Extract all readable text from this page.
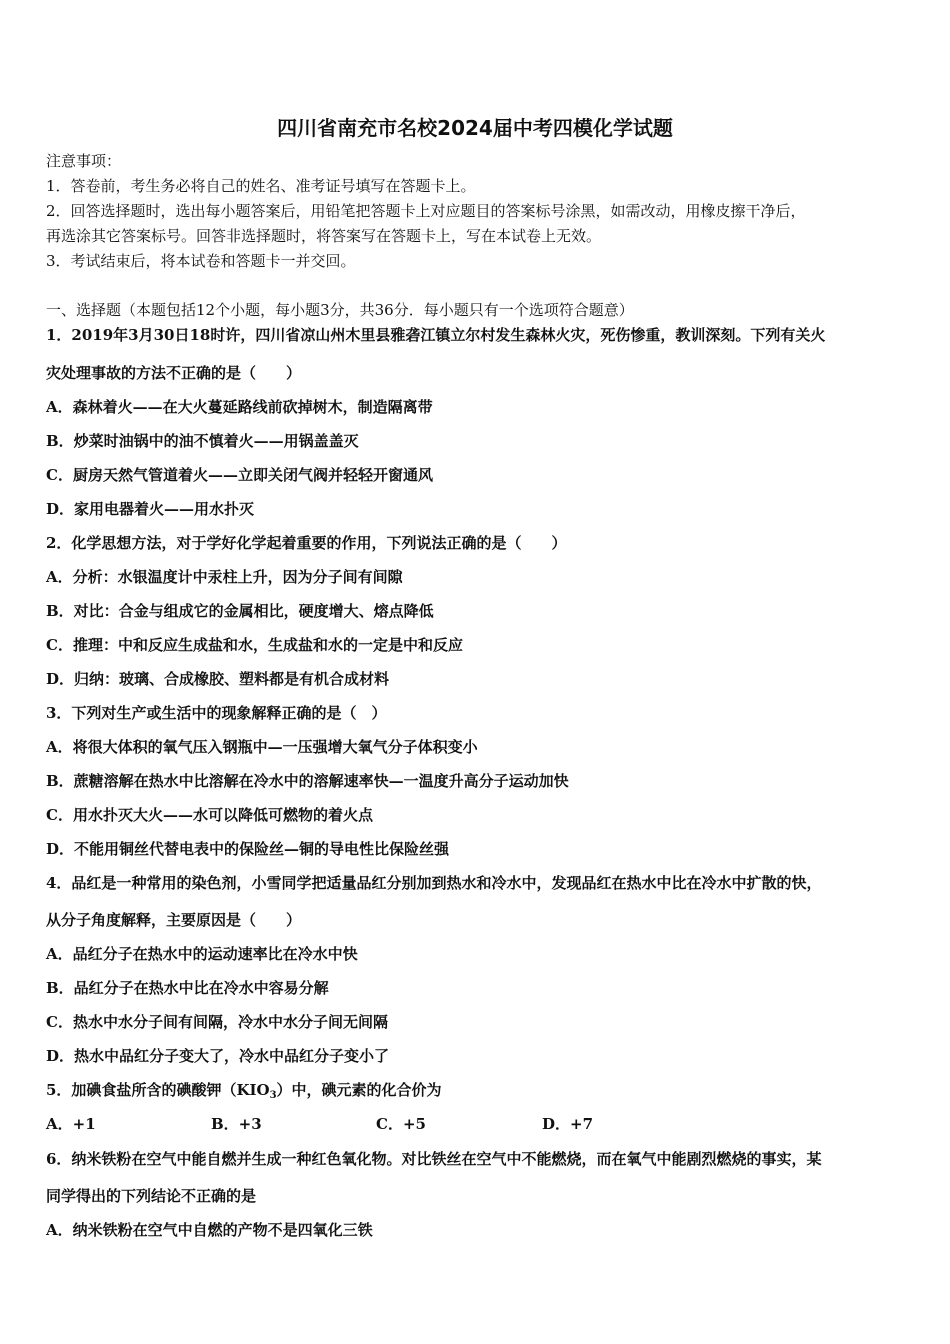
四川省南充市名校2024届中考四模化学试题
注意事项：
1．答卷前，考生务必将自己的姓名、准考证号填写在答题卡上。
2．回答选择题时，选出每小题答案后，用铅笔把答题卡上对应题目的答案标号涂黑，如需改动，用橡皮擦干净后，
再选涂其它答案标号。回答非选择题时，将答案写在答题卡上，写在本试卷上无效。
3．考试结束后，将本试卷和答题卡一并交回。
一、选择题（本题包括12个小题，每小题3分，共36分．每小题只有一个选项符合题意）
1．2019年3月30日18时许，四川省凉山州木里县雅砻江镇立尔村发生森林火灾，死伤惨重，教训深刻。下列有关火
灾处理事故的方法不正确的是（　　）
A．森林着火——在大火蔓延路线前砍掉树木，制造隔离带
B．炒菜时油锅中的油不慎着火——用锅盖盖灭
C．厨房天然气管道着火——立即关闭气阀并轻轻开窗通风
D．家用电器着火——用水扑灭
2．化学思想方法，对于学好化学起着重要的作用，下列说法正确的是（　　）
A．分析：水银温度计中汞柱上升，因为分子间有间隙
B．对比：合金与组成它的金属相比，硬度增大、熔点降低
C．推理：中和反应生成盐和水，生成盐和水的一定是中和反应
D．归纳：玻璃、合成橡胶、塑料都是有机合成材料
3．下列对生产或生活中的现象解释正确的是（　）
A．将很大体积的氧气压入钢瓶中—一压强增大氧气分子体积变小
B．蔗糖溶解在热水中比溶解在冷水中的溶解速率快—一温度升高分子运动加快
C．用水扑灭大火——水可以降低可燃物的着火点
D．不能用铜丝代替电表中的保险丝—铜的导电性比保险丝强
4．品红是一种常用的染色剂，小雪同学把适量品红分别加到热水和冷水中，发现品红在热水中比在冷水中扩散的快，
从分子角度解释，主要原因是（　　）
A．品红分子在热水中的运动速率比在冷水中快
B．品红分子在热水中比在冷水中容易分解
C．热水中水分子间有间隔，冷水中水分子间无间隔
D．热水中品红分子变大了，冷水中品红分子变小了
5．加碘食盐所含的碘酸钾$(KIO_3)$中，碘元素的化合价为
A．+1	B．+3	C．+5	D．+7
6．纳米铁粉在空气中能自燃并生成一种红色氧化物。对比铁丝在空气中不能燃烧，而在氧气中能剧烈燃烧的事实，某
同学得出的下列结论不正确的是
A．纳米铁粉在空气中自燃的产物不是四氧化三铁
